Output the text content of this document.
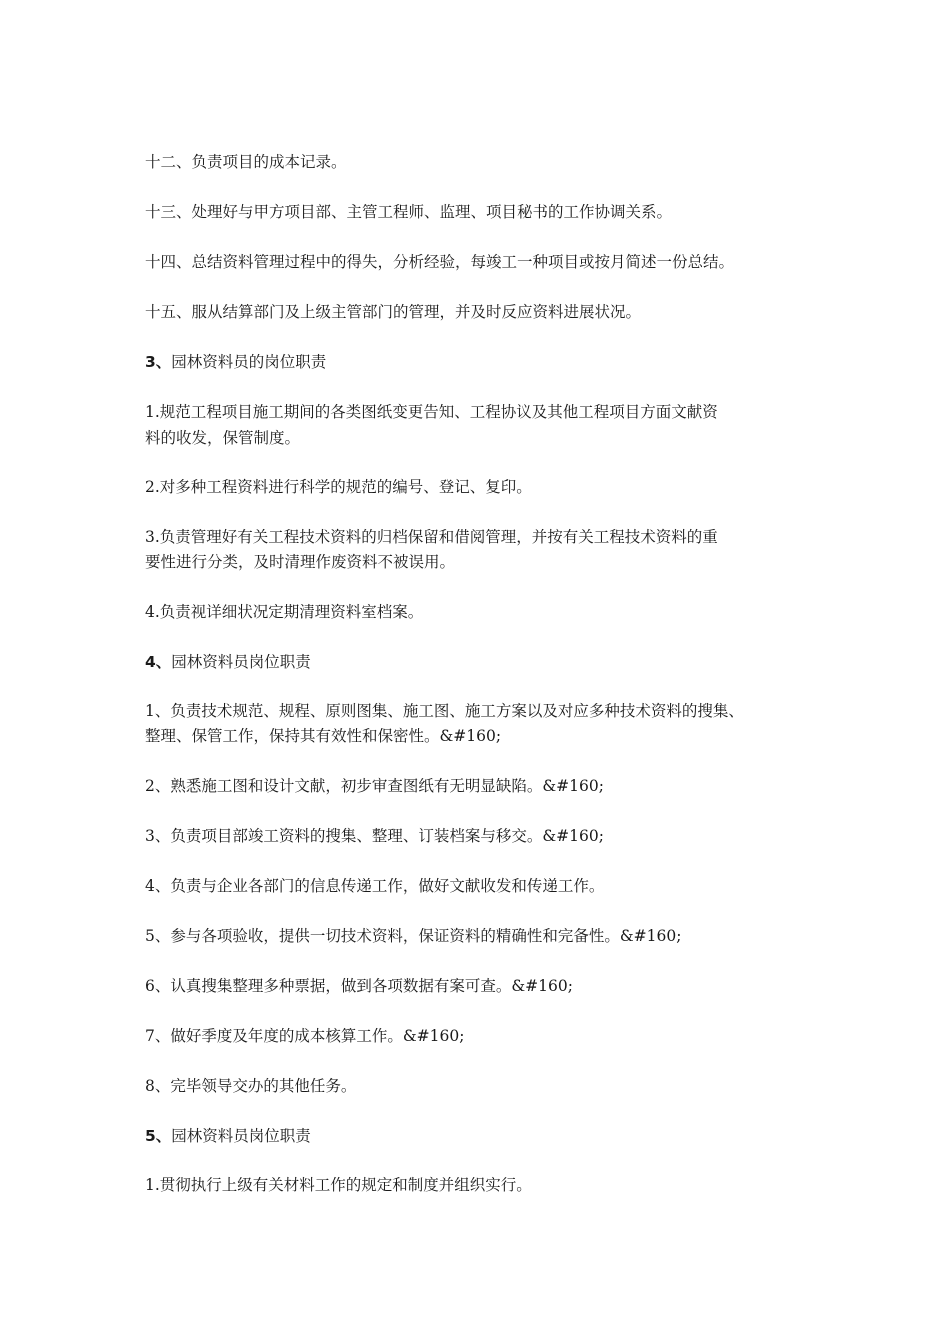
十二、负责项目的成本记录。
十三、处理好与甲方项目部、主管工程师、监理、项目秘书的工作协调关系。
十四、总结资料管理过程中的得失，分析经验，每竣工一种项目或按月简述一份总结。
十五、服从结算部门及上级主管部门的管理，并及时反应资料进展状况。
3、园林资料员的岗位职责
1.规范工程项目施工期间的各类图纸变更告知、工程协议及其他工程项目方面文献资
料的收发，保管制度。
2.对多种工程资料进行科学的规范的编号、登记、复印。
3.负责管理好有关工程技术资料的归档保留和借阅管理，并按有关工程技术资料的重
要性进行分类，及时清理作废资料不被误用。
4.负责视详细状况定期清理资料室档案。
4、园林资料员岗位职责
1、负责技术规范、规程、原则图集、施工图、施工方案以及对应多种技术资料的搜集、
整理、保管工作，保持其有效性和保密性。&#160;
2、熟悉施工图和设计文献，初步审查图纸有无明显缺陷。&#160;
3、负责项目部竣工资料的搜集、整理、订装档案与移交。&#160;
4、负责与企业各部门的信息传递工作，做好文献收发和传递工作。
5、参与各项验收，提供一切技术资料，保证资料的精确性和完备性。&#160;
6、认真搜集整理多种票据，做到各项数据有案可查。&#160;
7、做好季度及年度的成本核算工作。&#160;
8、完毕领导交办的其他任务。
5、园林资料员岗位职责
1.贯彻执行上级有关材料工作的规定和制度并组织实行。
